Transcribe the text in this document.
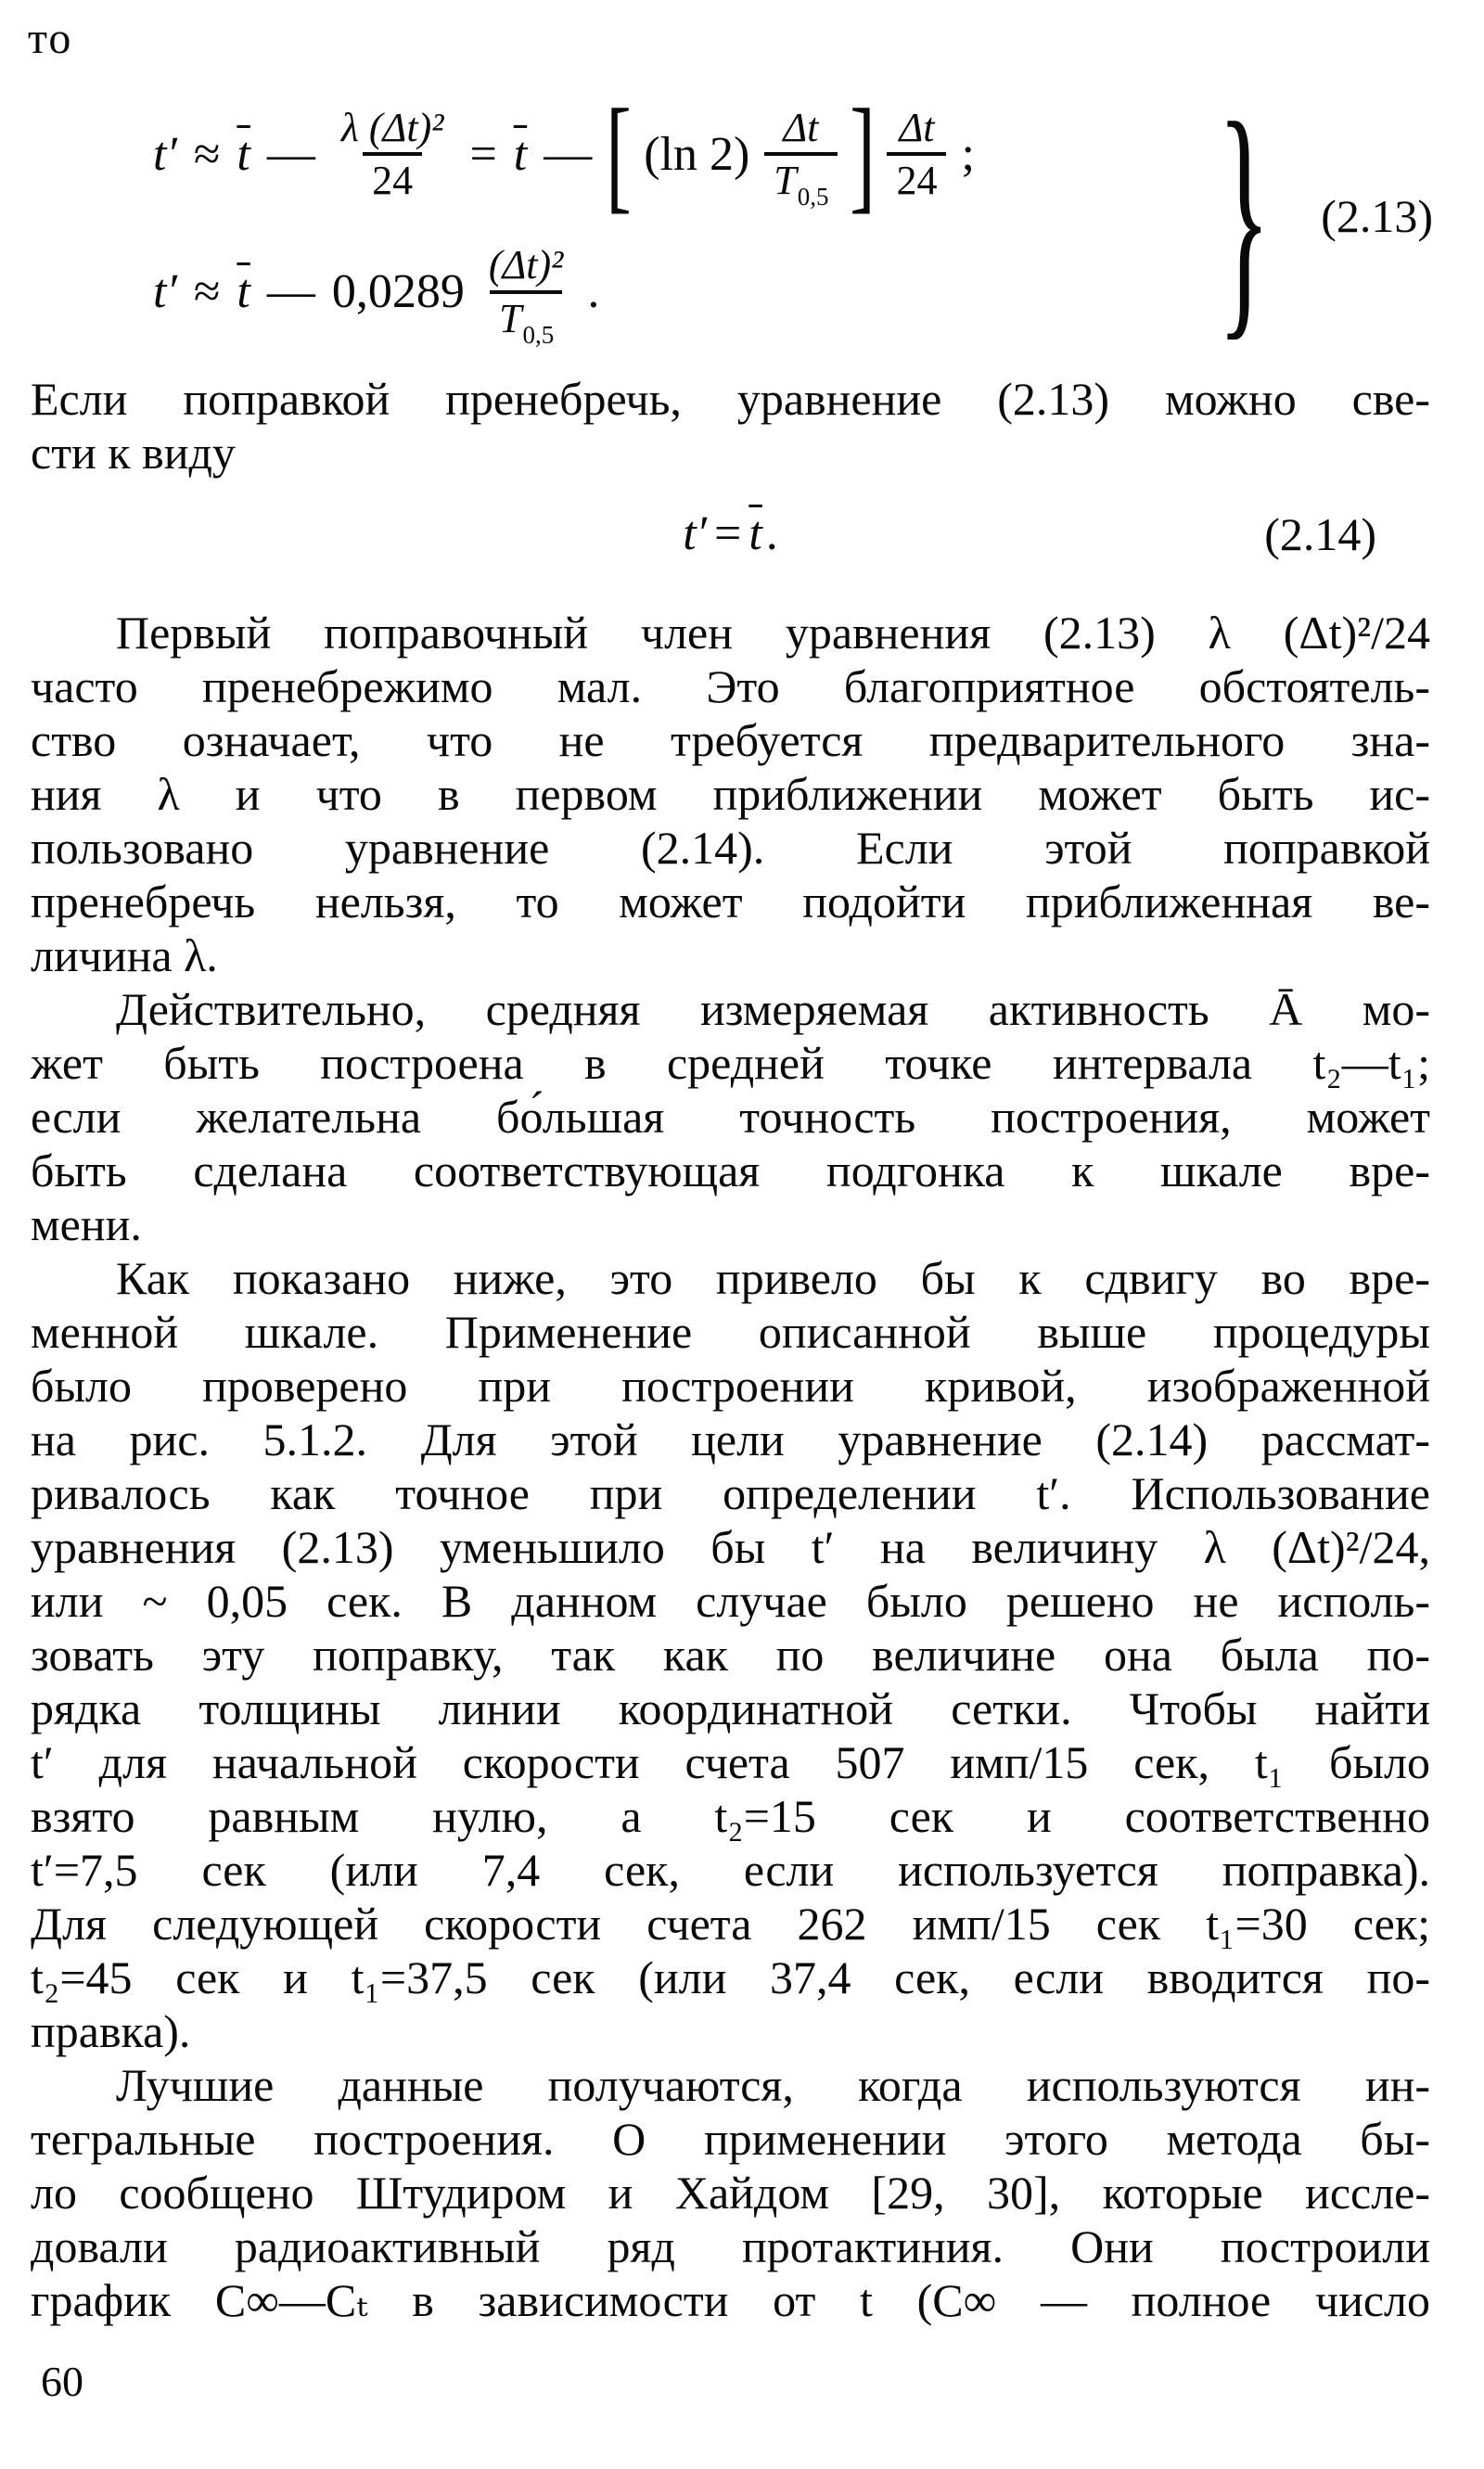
то
$t' \approx \overline{t}$ — $\frac{\text{λ (Δt)²}}{24} = \overline{t}$ — [ (ln $2) \frac{\Delta t}{T_{0,5}}$ ] $\frac{\Delta t}{24}$ ;
$t' \approx \overline{t}$ — $0,0289 \frac{\text{(Δt)²}}{T_{0,5}}$ . }	(2.13)
Если поправкой пренебречь, уравнение (2.13) можно све-
сти к виду
$t' = \overline{t}$.	(2.14)
Первый поправочный член уравнения (2.13) λ (Δt)²/24
часто пренебрежимо мал. Это благоприятное обстоятель-
ство означает, что не требуется предварительного зна-
ния λ и что в первом приближении может быть ис-
пользовано уравнение (2.14). Если этой поправкой
пренебречь нельзя, то может подойти приближенная ве-
личина λ.
Действительно, средняя измеряемая активность Ā мо-
жет быть построена в средней точке интервала t₂—t₁;
если желательна бо́льшая точность построения, может
быть сделана соответствующая подгонка к шкале вре-
мени.
Как показано ниже, это привело бы к сдвигу во вре-
менной шкале. Применение описанной выше процедуры
было проверено при построении кривой, изображенной
на рис. 5.1.2. Для этой цели уравнение (2.14) рассмат-
ривалось как точное при определении t′. Использование
уравнения (2.13) уменьшило бы t′ на величину λ (Δt)²/24,
или ~ 0,05 сек. В данном случае было решено не исполь-
зовать эту поправку, так как по величине она была по-
рядка толщины линии координатной сетки. Чтобы найти
t′ для начальной скорости счета 507 имп/15 сек, t₁ было
взято равным нулю, а t₂=15 сек и соответственно
t′=7,5 сек (или 7,4 сек, если используется поправка).
Для следующей скорости счета 262 имп/15 сек t₁=30 сек;
t₂=45 сек и t₁=37,5 сек (или 37,4 сек, если вводится по-
правка).
Лучшие данные получаются, когда используются ин-
тегральные построения. О применении этого метода бы-
ло сообщено Штудиром и Хайдом [29, 30], которые иссле-
довали радиоактивный ряд протактиния. Они построили
график C∞—Cₜ в зависимости от t (C∞ — полное число
60
